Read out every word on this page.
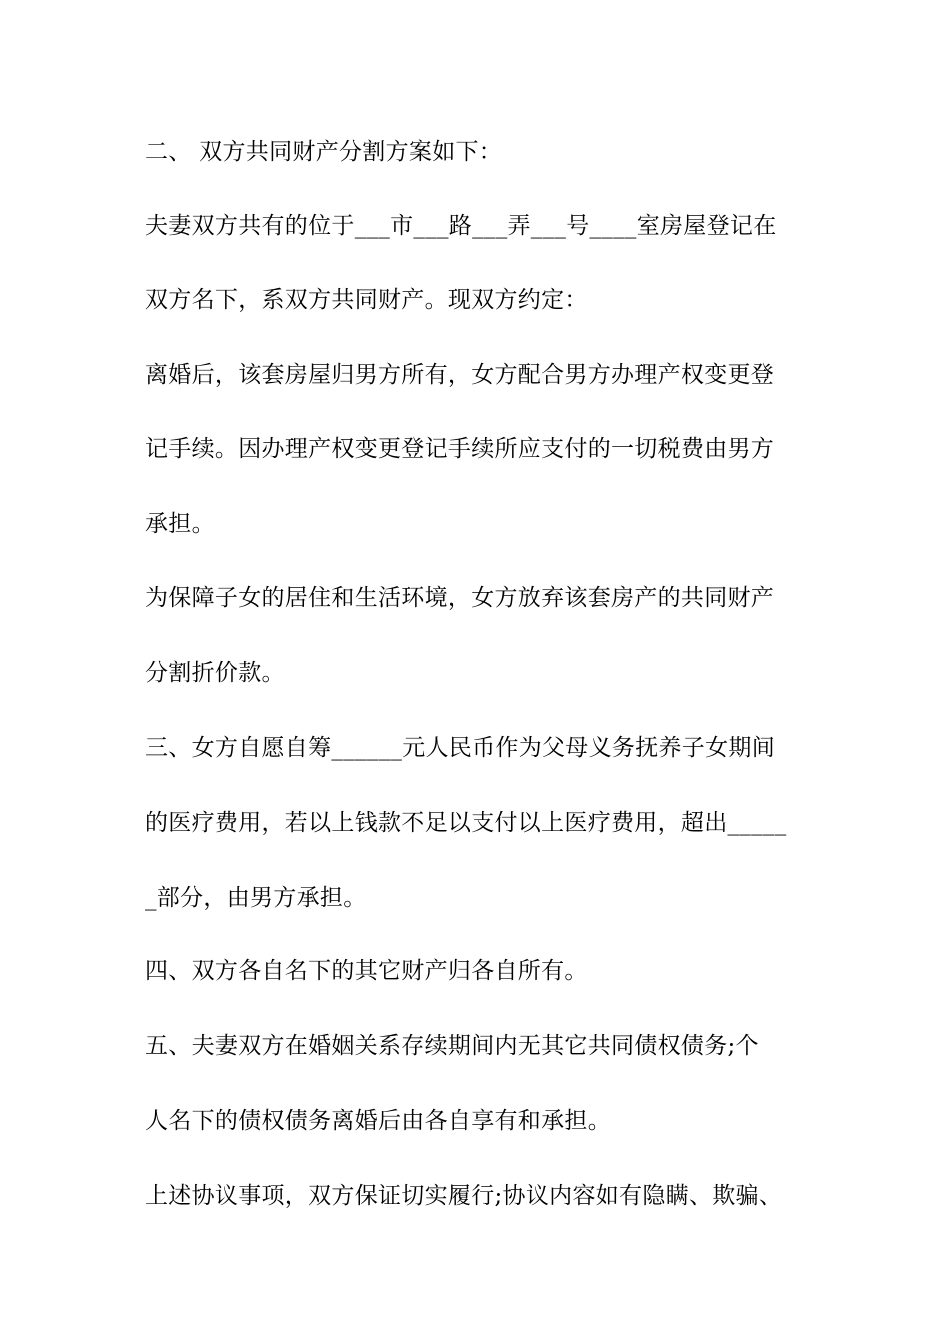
二、 双方共同财产分割方案如下：
夫妻双方共有的位于___市___路___弄___号____室房屋登记在
双方名下，系双方共同财产。现双方约定：
离婚后，该套房屋归男方所有，女方配合男方办理产权变更登
记手续。因办理产权变更登记手续所应支付的一切税费由男方
承担。
为保障子女的居住和生活环境，女方放弃该套房产的共同财产
分割折价款。
三、女方自愿自筹______元人民币作为父母义务抚养子女期间
的医疗费用，若以上钱款不足以支付以上医疗费用，超出_____
_部分，由男方承担。
四、双方各自名下的其它财产归各自所有。
五、夫妻双方在婚姻关系存续期间内无其它共同债权债务;个
人名下的债权债务离婚后由各自享有和承担。
上述协议事项，双方保证切实履行;协议内容如有隐瞒、欺骗、
